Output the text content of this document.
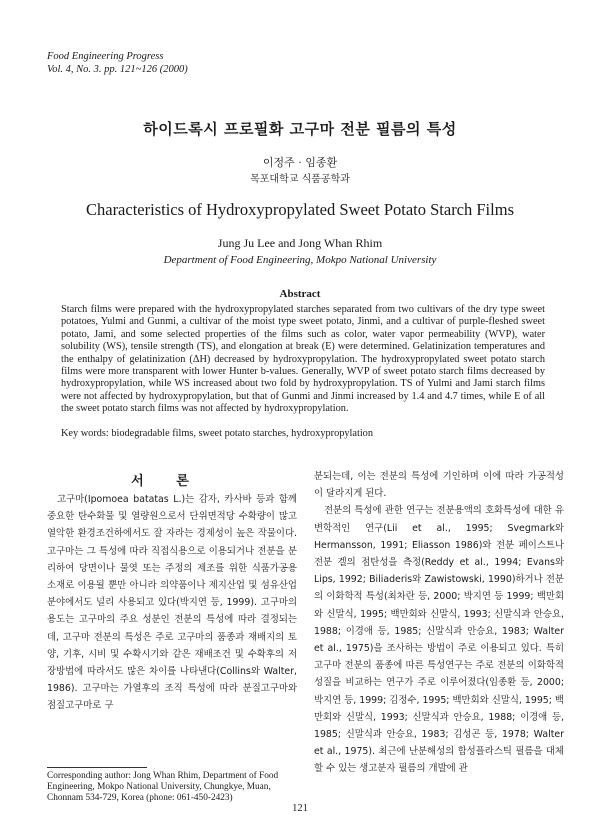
Food Engineering Progress
Vol. 4, No. 3. pp. 121~126 (2000)
하이드록시 프로필화 고구마 전분 필름의 특성
이정주 · 임종환
목포대학교 식품공학과
Characteristics of Hydroxypropylated Sweet Potato Starch Films
Jung Ju Lee and Jong Whan Rhim
Department of Food Engineering, Mokpo National University
Abstract
Starch films were prepared with the hydroxypropylated starches separated from two cultivars of the dry type sweet potatoes, Yulmi and Gunmi, a cultivar of the moist type sweet potato, Jinmi, and a cultivar of purple-fleshed sweet potato, Jami, and some selected properties of the films such as color, water vapor permeability (WVP), water solubility (WS), tensile strength (TS), and elongation at break (E) were determined. Gelatinization temperatures and the enthalpy of gelatinization (ΔH) decreased by hydroxypropylation. The hydroxypropylated sweet potato starch films were more transparent with lower Hunter b-values. Generally, WVP of sweet potato starch films decreased by hydroxypropylation, while WS increased about two fold by hydroxypropylation. TS of Yulmi and Jami starch films were not affected by hydroxypropylation, but that of Gunmi and Jinmi increased by 1.4 and 4.7 times, while E of all the sweet potato starch films was not affected by hydroxypropylation.
Key words: biodegradable films, sweet potato starches, hydroxypropylation
서 론

고구마(Ipomoea batatas L.)는 감자, 카사바 등과 함께 중요한 탄수화물 및 열량원으로서 단위면적당 수확량이 많고 열악한 환경조건하에서도 잘 자라는 경제성이 높은 작물이다. 고구마는 그 특성에 따라 직접식용으로 이용되거나 전분을 분리하여 당면이나 물엿 또는 주정의 제조를 위한 식품가공용 소재로 이용될 뿐만 아니라 의약품이나 제지산업 및 섬유산업 분야에서도 널리 사용되고 있다(박지연 등, 1999). 고구마의 용도는 고구마의 주요 성분인 전분의 특성에 따라 결정되는데, 고구마 전분의 특성은 주로 고구마의 품종과 재배지의 토양, 기후, 시비 및 수확시기와 같은 재배조건 및 수확후의 저장방법에 따라서도 많은 차이를 나타낸다(Collins와 Walter, 1986). 고구마는 가열후의 조직 특성에 따라 분질고구마와 점질고구마로 구

분되는데, 이는 전분의 특성에 기인하며 이에 따라 가공적성이 달라지게 된다.

전분의 특성에 관한 연구는 전분용액의 호화특성에 대한 유변학적인 연구(Lii et al., 1995; Svegmark와 Hermansson, 1991; Eliasson 1986)와 전분 페이스트나 전분 겔의 점탄성을 측정(Reddy et al., 1994; Evans와 Lips, 1992; Biliaderis와 Zawistowski, 1990)하거나 전분의 이화학적 특성(최차란 등, 2000; 박지연 등 1999; 백만회와 신말식, 1995; 백만회와 신말식, 1993; 신말식과 안승요, 1988; 이경애 등, 1985; 신말식과 안승요, 1983; Walter et al., 1975)을 조사하는 방법이 주로 이용되고 있다. 특히 고구마 전분의 품종에 따른 특성연구는 주로 전분의 이화학적 성질을 비교하는 연구가 주로 이루어졌다(임종환 등, 2000; 박지연 등, 1999; 김정수, 1995; 백만회와 신말식, 1995; 백만회와 신말식, 1993; 신말식과 안승요, 1988; 이경애 등, 1985; 신말식과 안승요, 1983; 김성곤 등, 1978; Walter et al., 1975). 최근에 난분해성의 합성플라스틱 필름을 대체할 수 있는 생고분자 필름의 개발에 관

Corresponding author: Jong Whan Rhim, Department of Food Engineering, Mokpo National University, Chungkye, Muan, Chonnam 534-729, Korea (phone: 061-450-2423)
121
